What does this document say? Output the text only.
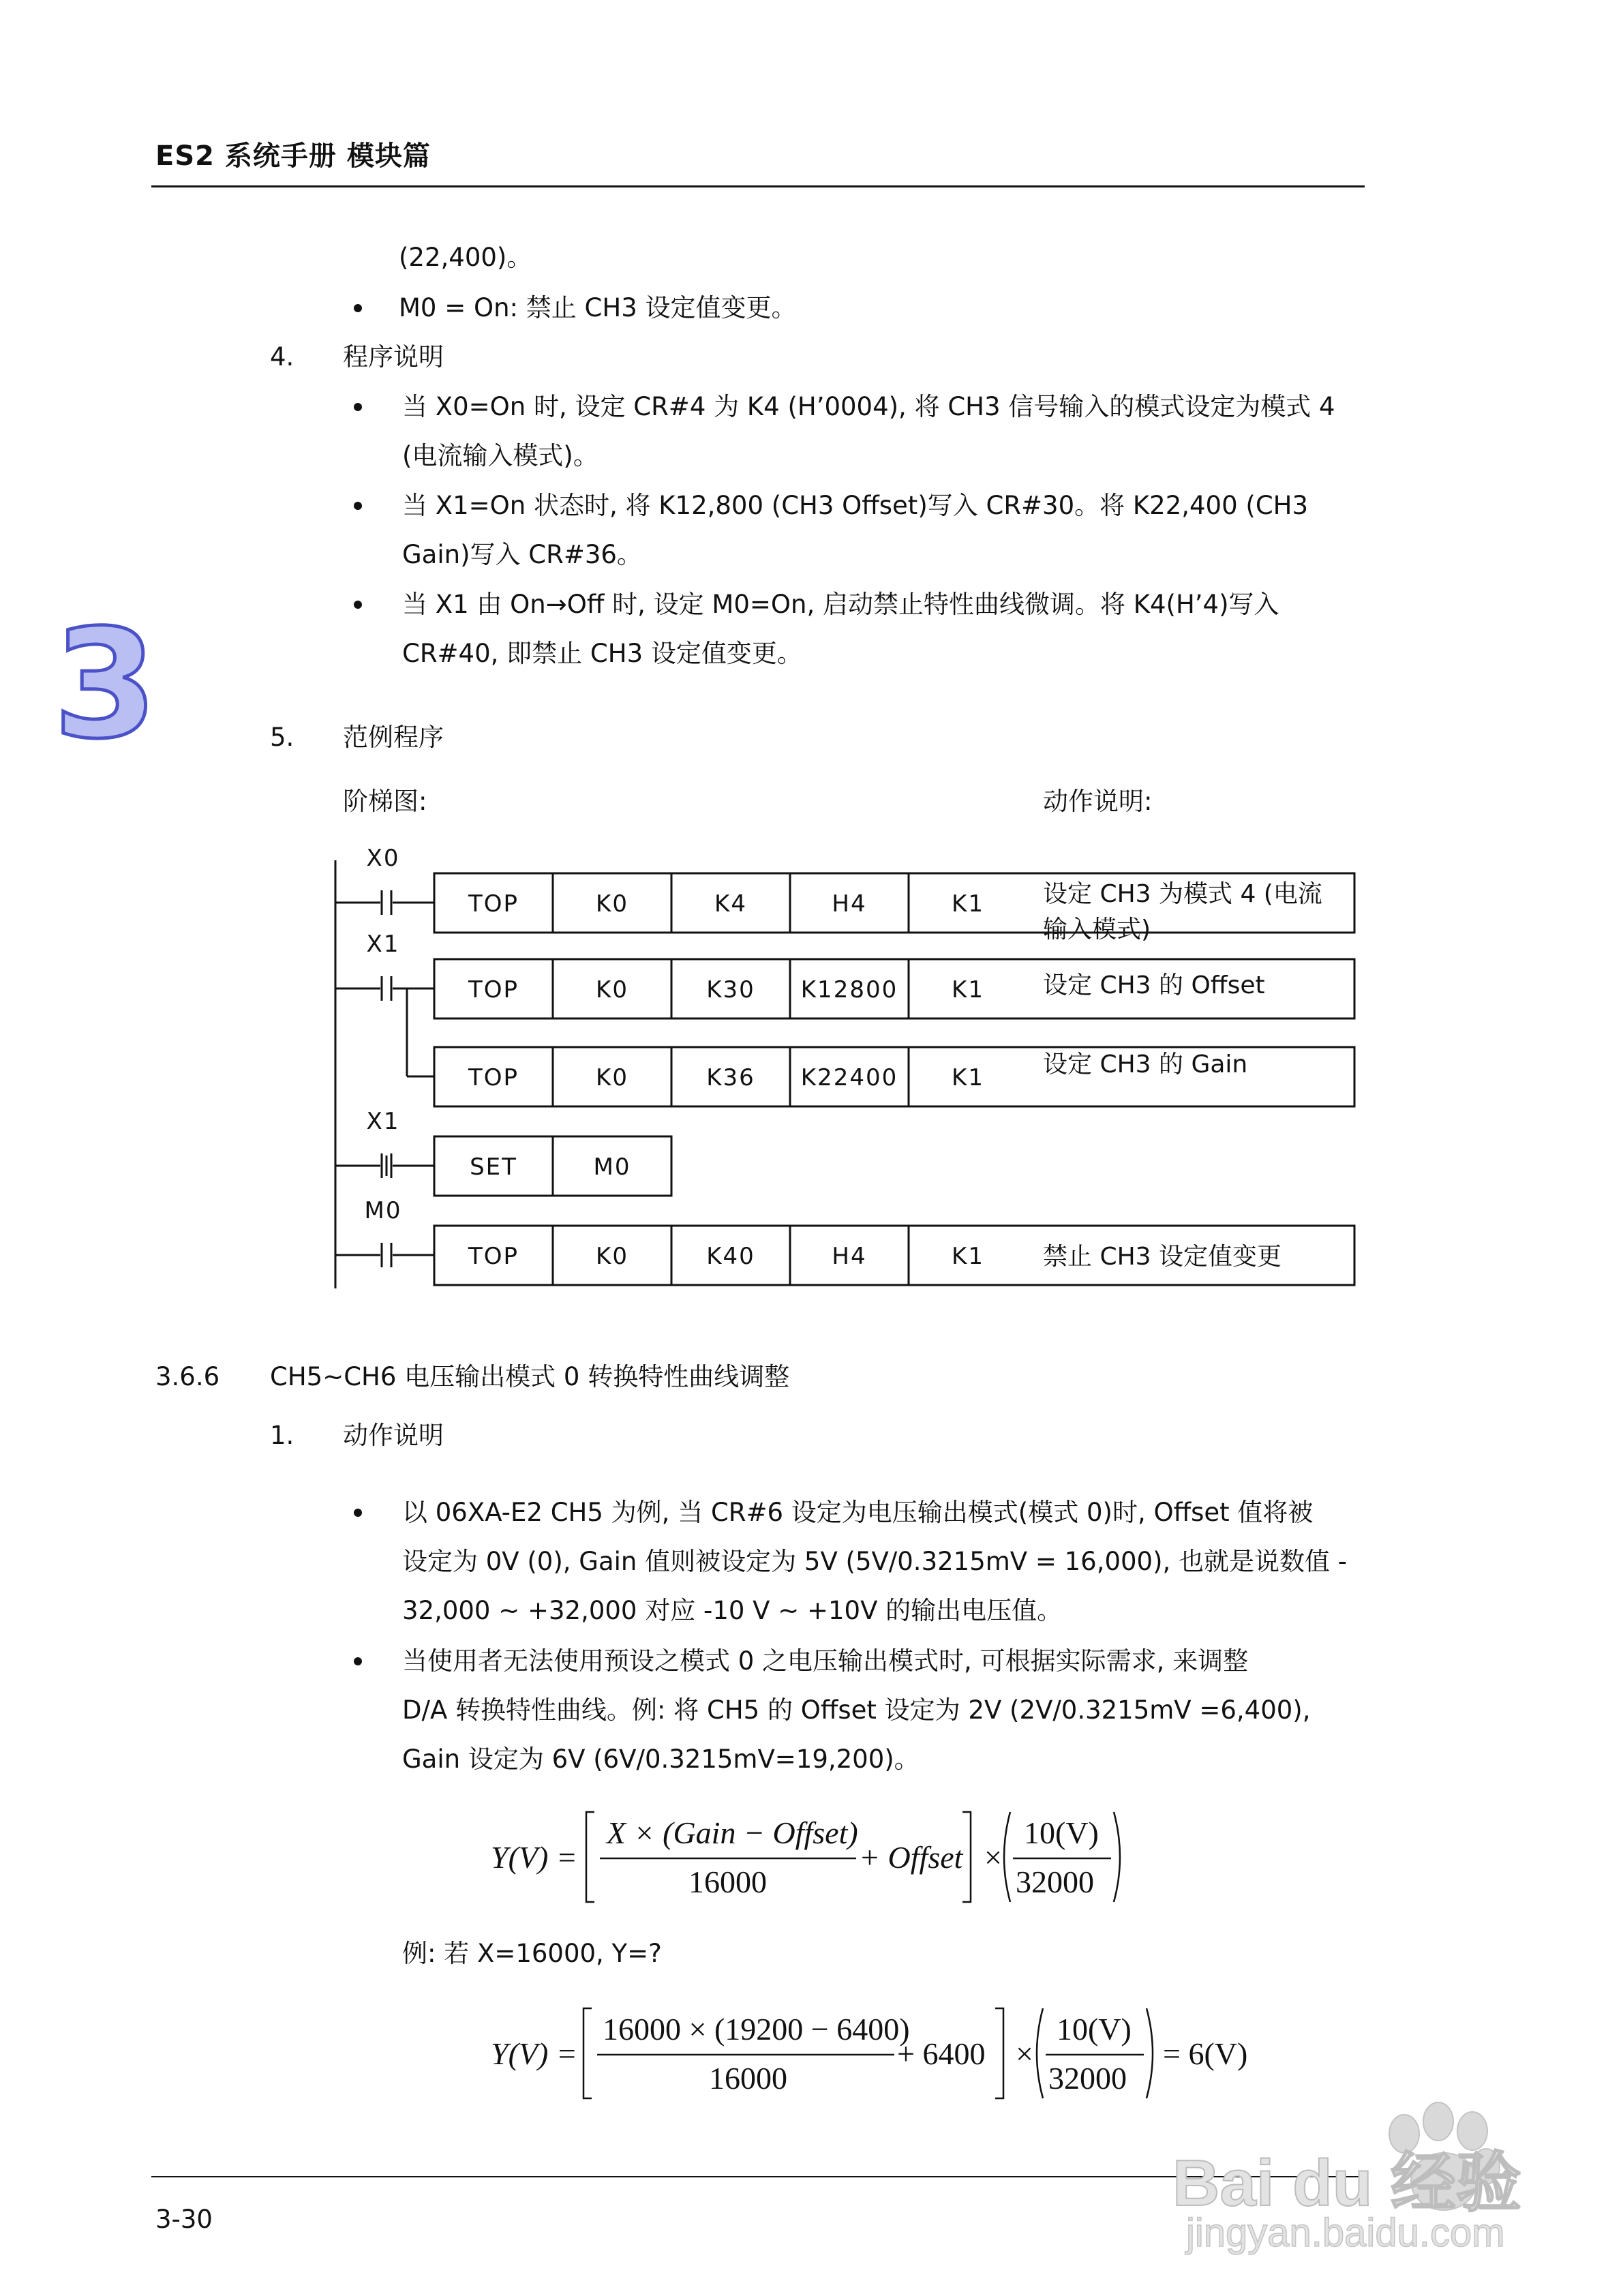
ES2 系统手册 模块篇
3
(22,400)。
M0 = On: 禁止 CH3 设定值变更。
4. 程序说明
当 X0=On 时, 设定 CR#4 为 K4 (H’0004), 将 CH3 信号输入的模式设定为模式 4
(电流输入模式)。
当 X1=On 状态时, 将 K12,800 (CH3 Offset)写入 CR#30。将 K22,400 (CH3
Gain)写入 CR#36。
当 X1 由 On→Off 时, 设定 M0=On, 启动禁止特性曲线微调。将 K4(H’4)写入
CR#40, 即禁止 CH3 设定值变更。
5. 范例程序
阶梯图:	动作说明:
X0
X1
X1
M0
TOP	K0	K4	H4	K1
TOP	K0	K30 K12800 K1
TOP	K0	K36 K22400 K1
SET	M0
TOP	K0	K40	H4	K1
设定 CH3 为模式 4 (电流
输入模式)
设定 CH3 的 Offset
设定 CH3 的 Gain
禁止 CH3 设定值变更
3.6.6 CH5~CH6 电压输出模式 0 转换特性曲线调整
1. 动作说明
以 06XA-E2 CH5 为例, 当 CR#6 设定为电压输出模式(模式 0)时, Offset 值将被
设定为 0V (0), Gain 值则被设定为 5V (5V/0.3215mV = 16,000), 也就是说数值 -
32,000 ~ +32,000 对应 -10 V ~ +10V 的输出电压值。
当使用者无法使用预设之模式 0 之电压输出模式时, 可根据实际需求, 来调整
D/A 转换特性曲线。例: 将 CH5 的 Offset 设定为 2V (2V/0.3215mV =6,400),
Gain 设定为 6V (6V/0.3215mV=19,200)。
Y(V) =
X × (Gain − Offset)
16000
+ Offset ×
10(V)
32000
例: 若 X=16000, Y=?
Y(V) =
16000 × (19200 − 6400)
16000
+ 6400 ×
10(V)
32000
= 6(V)
3-30	Bai du 经验
jingyan.baidu.com
